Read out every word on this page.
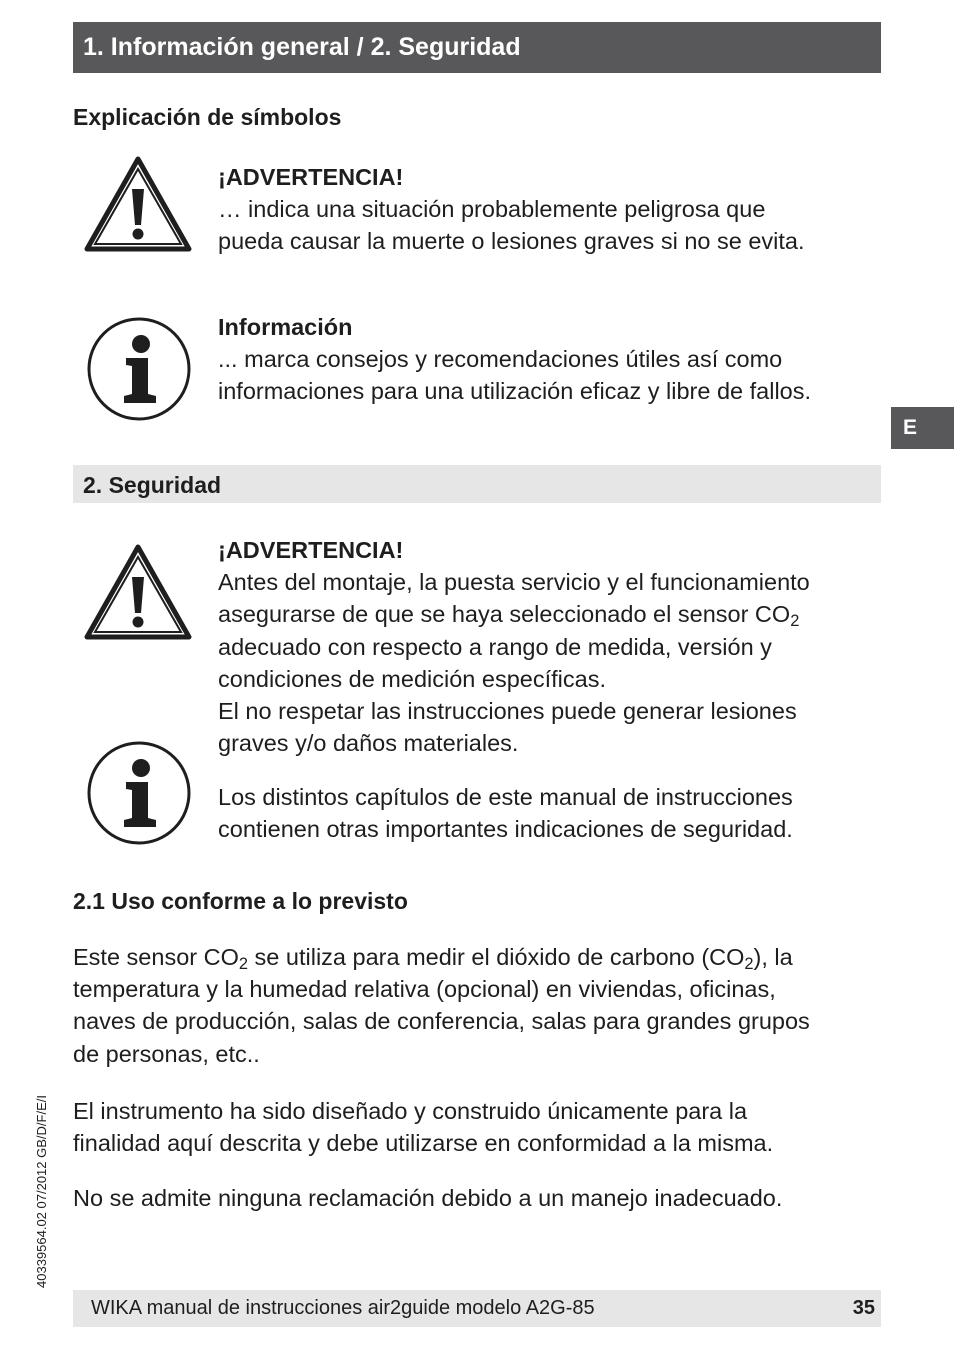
1. Información general / 2. Seguridad
Explicación de símbolos

¡ADVERTENCIA!

… indica una situación probablemente peligrosa que

pueda causar la muerte o lesiones graves si no se evita.

Información

... marca consejos y recomendaciones útiles así como

informaciones para una utilización eficaz y libre de fallos.

E
2. Seguridad

¡ADVERTENCIA!

Antes del montaje, la puesta servicio y el funcionamiento

asegurarse de que se haya seleccionado el sensor $CO_2$

adecuado con respecto a rango de medida, versión y

condiciones de medición específicas.

El no respetar las instrucciones puede generar lesiones

graves y/o daños materiales.

Los distintos capítulos de este manual de instrucciones

contienen otras importantes indicaciones de seguridad.

2.1 Uso conforme a lo previsto

Este sensor $CO_2$ se utiliza para medir el dióxido de carbono $(CO_2)$, la

temperatura y la humedad relativa (opcional) en viviendas, oficinas,

naves de producción, salas de conferencia, salas para grandes grupos

de personas, etc..

El instrumento ha sido diseñado y construido únicamente para la

finalidad aquí descrita y debe utilizarse en conformidad a la misma.

No se admite ninguna reclamación debido a un manejo inadecuado.

40339564.02 07/2012 GB/D/F/E/I
WIKA manual de instrucciones air2guide modelo A2G-85	35
